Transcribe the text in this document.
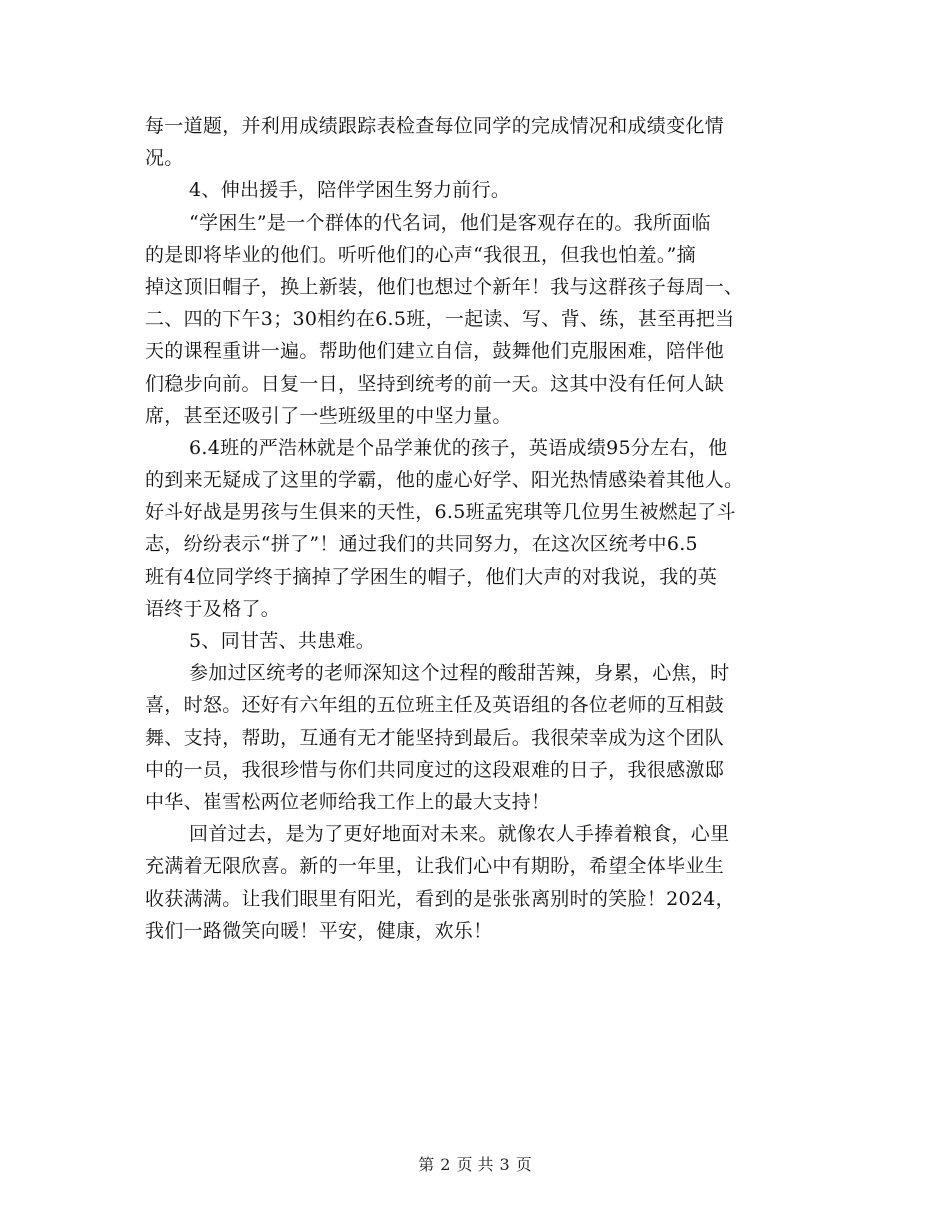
每一道题，并利用成绩跟踪表检查每位同学的完成情况和成绩变化情
况。
4、伸出援手，陪伴学困生努力前行。
“学困生”是一个群体的代名词，他们是客观存在的。我所面临
的是即将毕业的他们。听听他们的心声“我很丑，但我也怕羞。”摘
掉这顶旧帽子，换上新装，他们也想过个新年！我与这群孩子每周一、
二、四的下午3；30相约在6.5班，一起读、写、背、练，甚至再把当
天的课程重讲一遍。帮助他们建立自信，鼓舞他们克服困难，陪伴他
们稳步向前。日复一日，坚持到统考的前一天。这其中没有任何人缺
席，甚至还吸引了一些班级里的中坚力量。
6.4班的严浩林就是个品学兼优的孩子，英语成绩95分左右，他
的到来无疑成了这里的学霸，他的虚心好学、阳光热情感染着其他人。
好斗好战是男孩与生俱来的天性，6.5班孟宪琪等几位男生被燃起了斗
志，纷纷表示“拼了”！通过我们的共同努力，在这次区统考中6.5
班有4位同学终于摘掉了学困生的帽子，他们大声的对我说，我的英
语终于及格了。
5、同甘苦、共患难。
参加过区统考的老师深知这个过程的酸甜苦辣，身累，心焦，时
喜，时怒。还好有六年组的五位班主任及英语组的各位老师的互相鼓
舞、支持，帮助，互通有无才能坚持到最后。我很荣幸成为这个团队
中的一员，我很珍惜与你们共同度过的这段艰难的日子，我很感激邸
中华、崔雪松两位老师给我工作上的最大支持！
回首过去，是为了更好地面对未来。就像农人手捧着粮食，心里
充满着无限欣喜。新的一年里，让我们心中有期盼，希望全体毕业生
收获满满。让我们眼里有阳光，看到的是张张离别时的笑脸！2024，
我们一路微笑向暖！平安，健康，欢乐！
第 2 页 共 3 页
